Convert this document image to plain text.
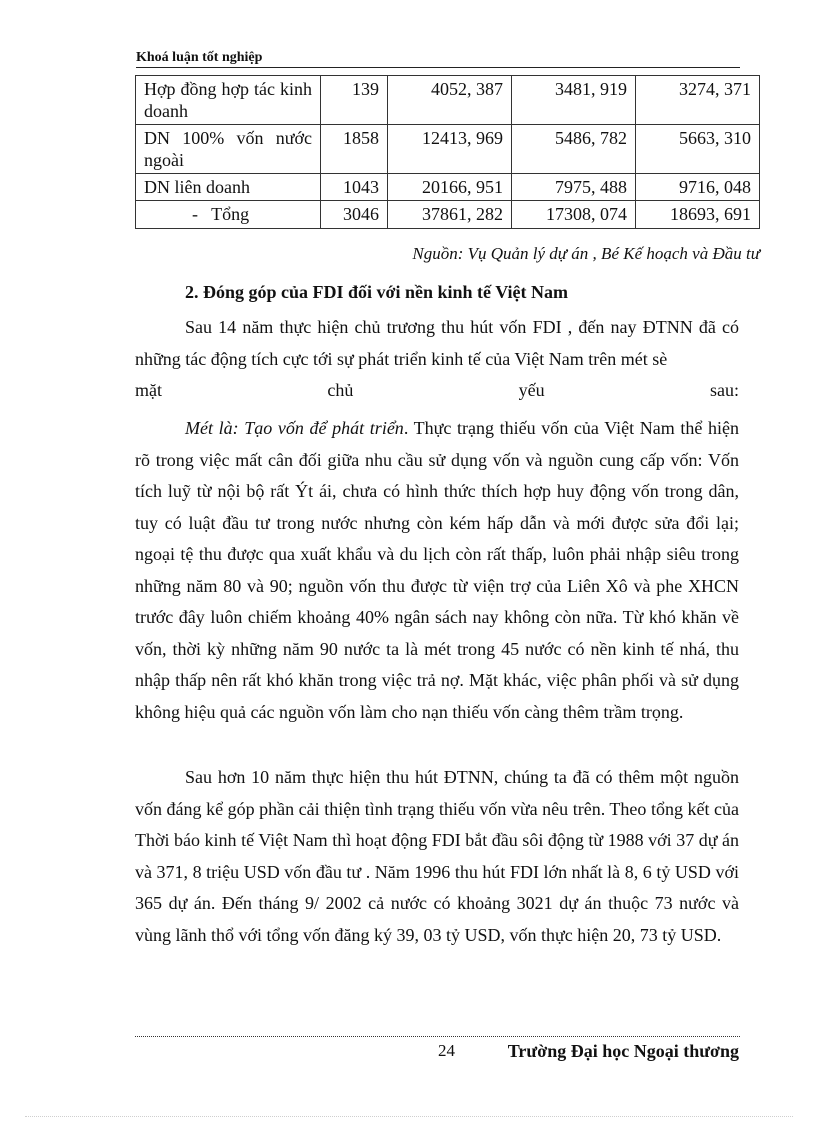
Khoá luận tốt nghiệp
Hợp đồng hợp tác kinh doanh	139	4052, 387	3481, 919	3274, 371

DN 100% vốn nước ngoài	1858	12413, 969	5486, 782	5663, 310
DN liên doanh	1043	20166, 951	7975, 488	9716, 048
-   Tổng	3046	37861, 282	17308, 074	18693, 691
Nguồn: Vụ Quản lý dự án , Bé Kế hoạch và Đầu tư
2. Đóng góp của FDI đối với nền kinh tế Việt Nam
Sau 14 năm thực hiện chủ trương thu hút vốn FDI , đến nay ĐTNN đã có những tác động tích cực tới sự phát triển kinh tế của Việt Nam trên mét sè
mặt chủ yếu sau:
Mét là: Tạo vốn để phát triển. Thực trạng thiếu vốn của Việt Nam thể hiện rõ trong việc mất cân đối giữa nhu cầu sử dụng vốn và nguồn cung cấp vốn: Vốn tích luỹ từ nội bộ rất Ýt ái, chưa có hình thức thích hợp huy động vốn trong dân, tuy có luật đầu tư trong nước nhưng còn kém hấp dẫn và mới được sửa đổi lại; ngoại tệ thu được qua xuất khẩu và du lịch còn rất thấp, luôn phải nhập siêu trong những năm 80 và 90; nguồn vốn thu được từ viện trợ của Liên Xô và phe XHCN trước đây luôn chiếm khoảng 40% ngân sách nay không còn nữa. Từ khó khăn về vốn, thời kỳ những năm 90 nước ta là mét trong 45 nước có nền kinh tế nhá, thu nhập thấp nên rất khó khăn trong việc trả nợ. Mặt khác, việc phân phối và sử dụng không hiệu quả các nguồn vốn làm cho nạn thiếu vốn càng thêm trầm trọng.
Sau hơn 10 năm thực hiện thu hút ĐTNN, chúng ta đã có thêm một nguồn vốn đáng kể góp phần cải thiện tình trạng thiếu vốn vừa nêu trên. Theo tổng kết của Thời báo kinh tế Việt Nam thì hoạt động FDI bắt đầu sôi động từ 1988 với 37 dự án và 371, 8 triệu USD vốn đầu tư . Năm 1996 thu hút FDI lớn nhất là 8, 6 tỷ USD với 365 dự án. Đến tháng 9/ 2002 cả nước có khoảng 3021 dự án thuộc 73 nước và vùng lãnh thổ với tổng vốn đăng ký 39, 03 tỷ USD, vốn thực hiện 20, 73 tỷ USD.
24	Trường Đại học Ngoại thương
